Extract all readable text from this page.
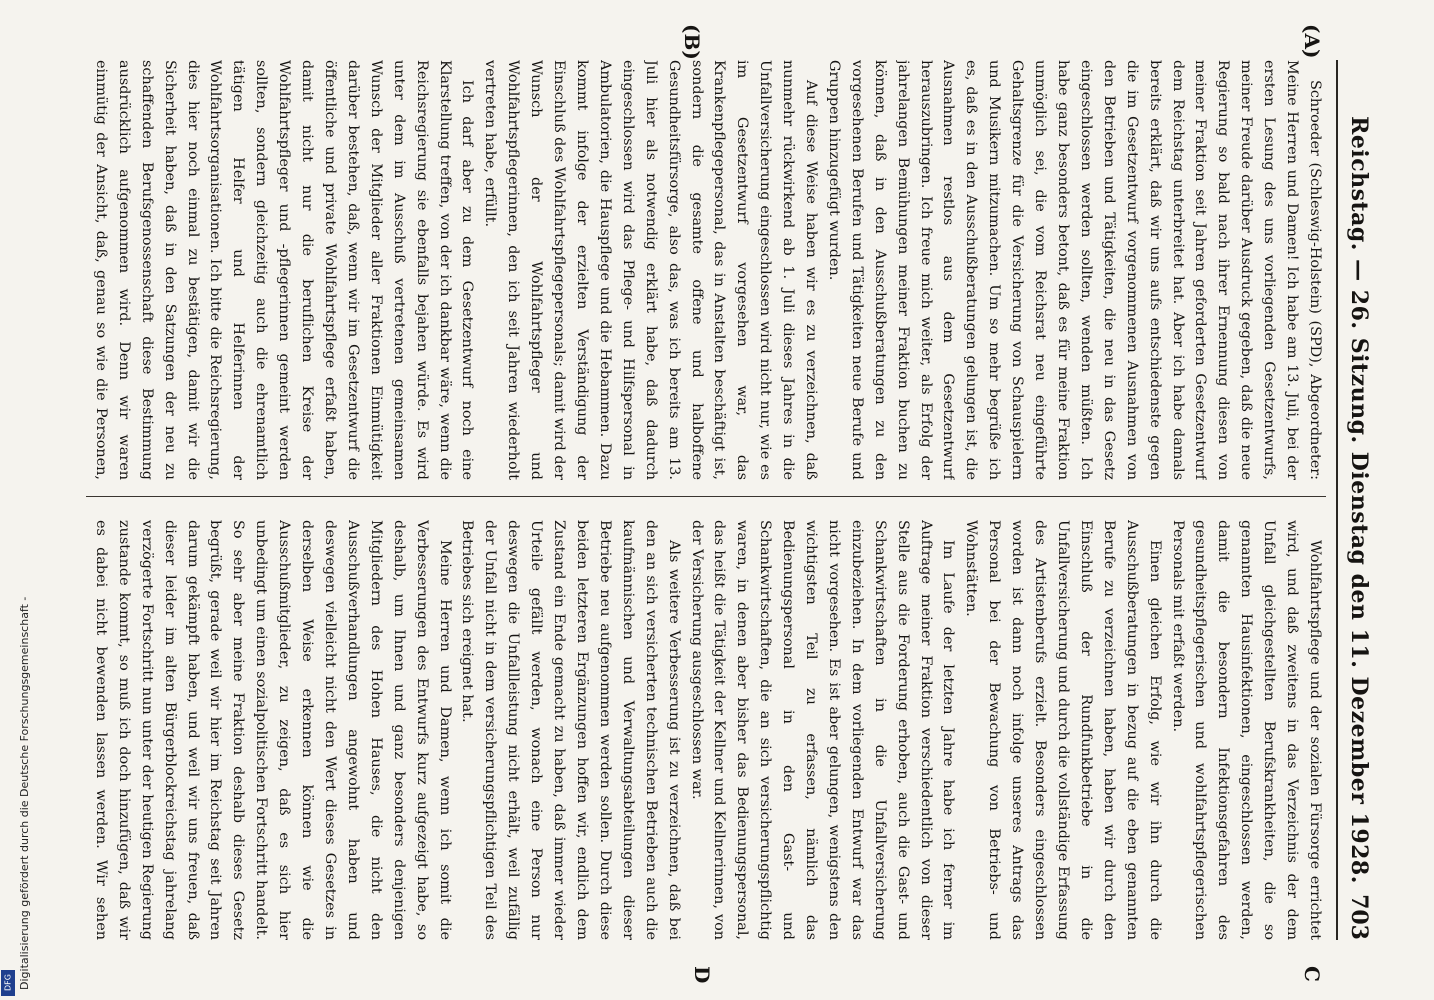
Reichstag. — 26. Sitzung. Dienstag den 11. Dezember 1928.
703
(A)
(B)
C
D

Schroeder (Schleswig-Holstein) (SPD), Abgeordneter: Meine Herren und Damen! Ich habe am 13. Juli, bei der ersten Lesung des uns vorliegenden Gesetzentwurfs, meiner Freude darüber Ausdruck gegeben, daß die neue Regierung so bald nach ihrer Ernennung diesen von meiner Fraktion seit Jahren geforderten Gesetzentwurf dem Reichstag unterbreitet hat. Aber ich habe damals bereits erklärt, daß wir uns aufs entschiedenste gegen die im Gesetzentwurf vorgenommenen Ausnahmen von den Betrieben und Tätigkeiten, die neu in das Gesetz eingeschlossen werden sollten, wenden müßten. Ich habe ganz besonders betont, daß es für meine Fraktion unmöglich sei, die vom Reichsrat neu eingeführte Gehaltsgrenze für die Versicherung von Schauspielern und Musikern mitzumachen. Um so mehr begrüße ich es, daß es in den Ausschußberatungen gelungen ist, die Ausnahmen restlos aus dem Gesetzentwurf herauszubringen. Ich freue mich weiter, als Erfolg der jahrelangen Bemühungen meiner Fraktion buchen zu können, daß in den Ausschußberatungen zu den vorgesehenen Berufen und Tätigkeiten neue Berufe und Gruppen hinzugefügt wurden.

Auf diese Weise haben wir es zu verzeichnen, daß nunmehr rückwirkend ab 1. Juli dieses Jahres in die Unfallversicherung eingeschlossen wird nicht nur, wie es im Gesetzentwurf vorgesehen war, das Krankenpflegepersonal, das in Anstalten beschäftigt ist, sondern die gesamte offene und halboffene Gesundheitsfürsorge, also das, was ich bereits am 13. Juli hier als notwendig erklärt habe, daß dadurch eingeschlossen wird das Pflege- und Hilfspersonal in Ambulatorien, die Hauspflege und die Hebammen. Dazu kommt infolge der erzielten Verständigung der Einschluß des Wohlfahrtspflegepersonals; damit wird der Wunsch der Wohlfahrtspfleger und Wohlfahrtspflegerinnen, den ich seit Jahren wiederholt vertreten habe, erfüllt.

Ich darf aber zu dem Gesetzentwurf noch eine Klarstellung treffen, von der ich dankbar wäre, wenn die Reichsregierung sie ebenfalls bejahen würde. Es wird unter dem im Ausschuß vertretenen gemeinsamen Wunsch der Mitglieder aller Fraktionen Einmütigkeit darüber bestehen, daß, wenn wir im Gesetzentwurf die öffentliche und private Wohlfahrtspflege erfaßt haben, damit nicht nur die beruflichen Kreise der Wohlfahrtspfleger und -pflegerinnen gemeint werden sollten, sondern gleichzeitig auch die ehrenamtlich tätigen Helfer und Helferinnen der Wohlfahrtsorganisationen. Ich bitte die Reichsregierung, dies hier noch einmal zu bestätigen, damit wir die Sicherheit haben, daß in den Satzungen der neu zu schaffenden Berufsgenossenschaft diese Bestimmung ausdrücklich aufgenommen wird. Denn wir waren einmütig der Ansicht, daß, genau so wie die Personen,

Wohlfahrtspflege und der sozialen Fürsorge errichtet wird, und daß zweitens in das Verzeichnis der dem Unfall gleichgestellten Berufskrankheiten, die so genannten Hausinfektionen, eingeschlossen werden, damit die besondern Infektionsgefahren des gesundheitspflegerischen und wohlfahrtspflegerischen Personals mit erfaßt werden.

Einen gleichen Erfolg, wie wir ihn durch die Ausschußberatungen in bezug auf die eben genannten Berufe zu verzeichnen haben, haben wir durch den Einschluß der Rundfunkbetriebe in die Unfallversicherung und durch die vollständige Erfassung des Artistenberufs erzielt. Besonders eingeschlossen worden ist dann noch infolge unseres Antrags das Personal bei der Bewachung von Betriebs- und Wohnstätten.

Im Laufe der letzten Jahre habe ich ferner im Auftrage meiner Fraktion verschiedentlich von dieser Stelle aus die Forderung erhoben, auch die Gast- und Schankwirtschaften in die Unfallversicherung einzubeziehen. In dem vorliegenden Entwurf war das nicht vorgesehen. Es ist aber gelungen, wenigstens den wichtigsten Teil zu erfassen, nämlich das Bedienungspersonal in den Gast- und Schankwirtschaften, die an sich versicherungspflichtig waren, in denen aber bisher das Bedienungspersonal, das heißt die Tätigkeit der Kellner und Kellnerinnen, von der Versicherung ausgeschlossen war.

Als weitere Verbesserung ist zu verzeichnen, daß bei den an sich versicherten technischen Betrieben auch die kaufmännischen und Verwaltungsabteilungen dieser Betriebe neu aufgenommen werden sollen. Durch diese beiden letzteren Ergänzungen hoffen wir, endlich dem Zustand ein Ende gemacht zu haben, daß immer wieder Urteile gefällt werden, wonach eine Person nur deswegen die Unfallleistung nicht erhält, weil zufällig der Unfall nicht in dem versicherungspflichtigen Teil des Betriebes sich ereignet hat.

Meine Herren und Damen, wenn ich somit die Verbesserungen des Entwurfs kurz aufgezeigt habe, so deshalb, um Ihnen und ganz besonders denjenigen Mitgliedern des Hohen Hauses, die nicht den Ausschußverhandlungen angewohnt haben und deswegen vielleicht nicht den Wert dieses Gesetzes in derselben Weise erkennen können wie die Ausschußmitglieder, zu zeigen, daß es sich hier unbedingt um einen sozialpolitischen Fortschritt handelt. So sehr aber meine Fraktion deshalb dieses Gesetz begrüßt, gerade weil wir hier im Reichstag seit Jahren darum gekämpft haben, und weil wir uns freuen, daß dieser leider im alten Bürgerblockreichstag jahrelang verzögerte Fortschritt nun unter der heutigen Regierung zustande kommt, so muß ich doch hinzufügen, daß wir es dabei nicht bewenden lassen werden. Wir sehen

Digitalisierung gefördert durch die Deutsche Forschungsgemeinschaft -
DFG
